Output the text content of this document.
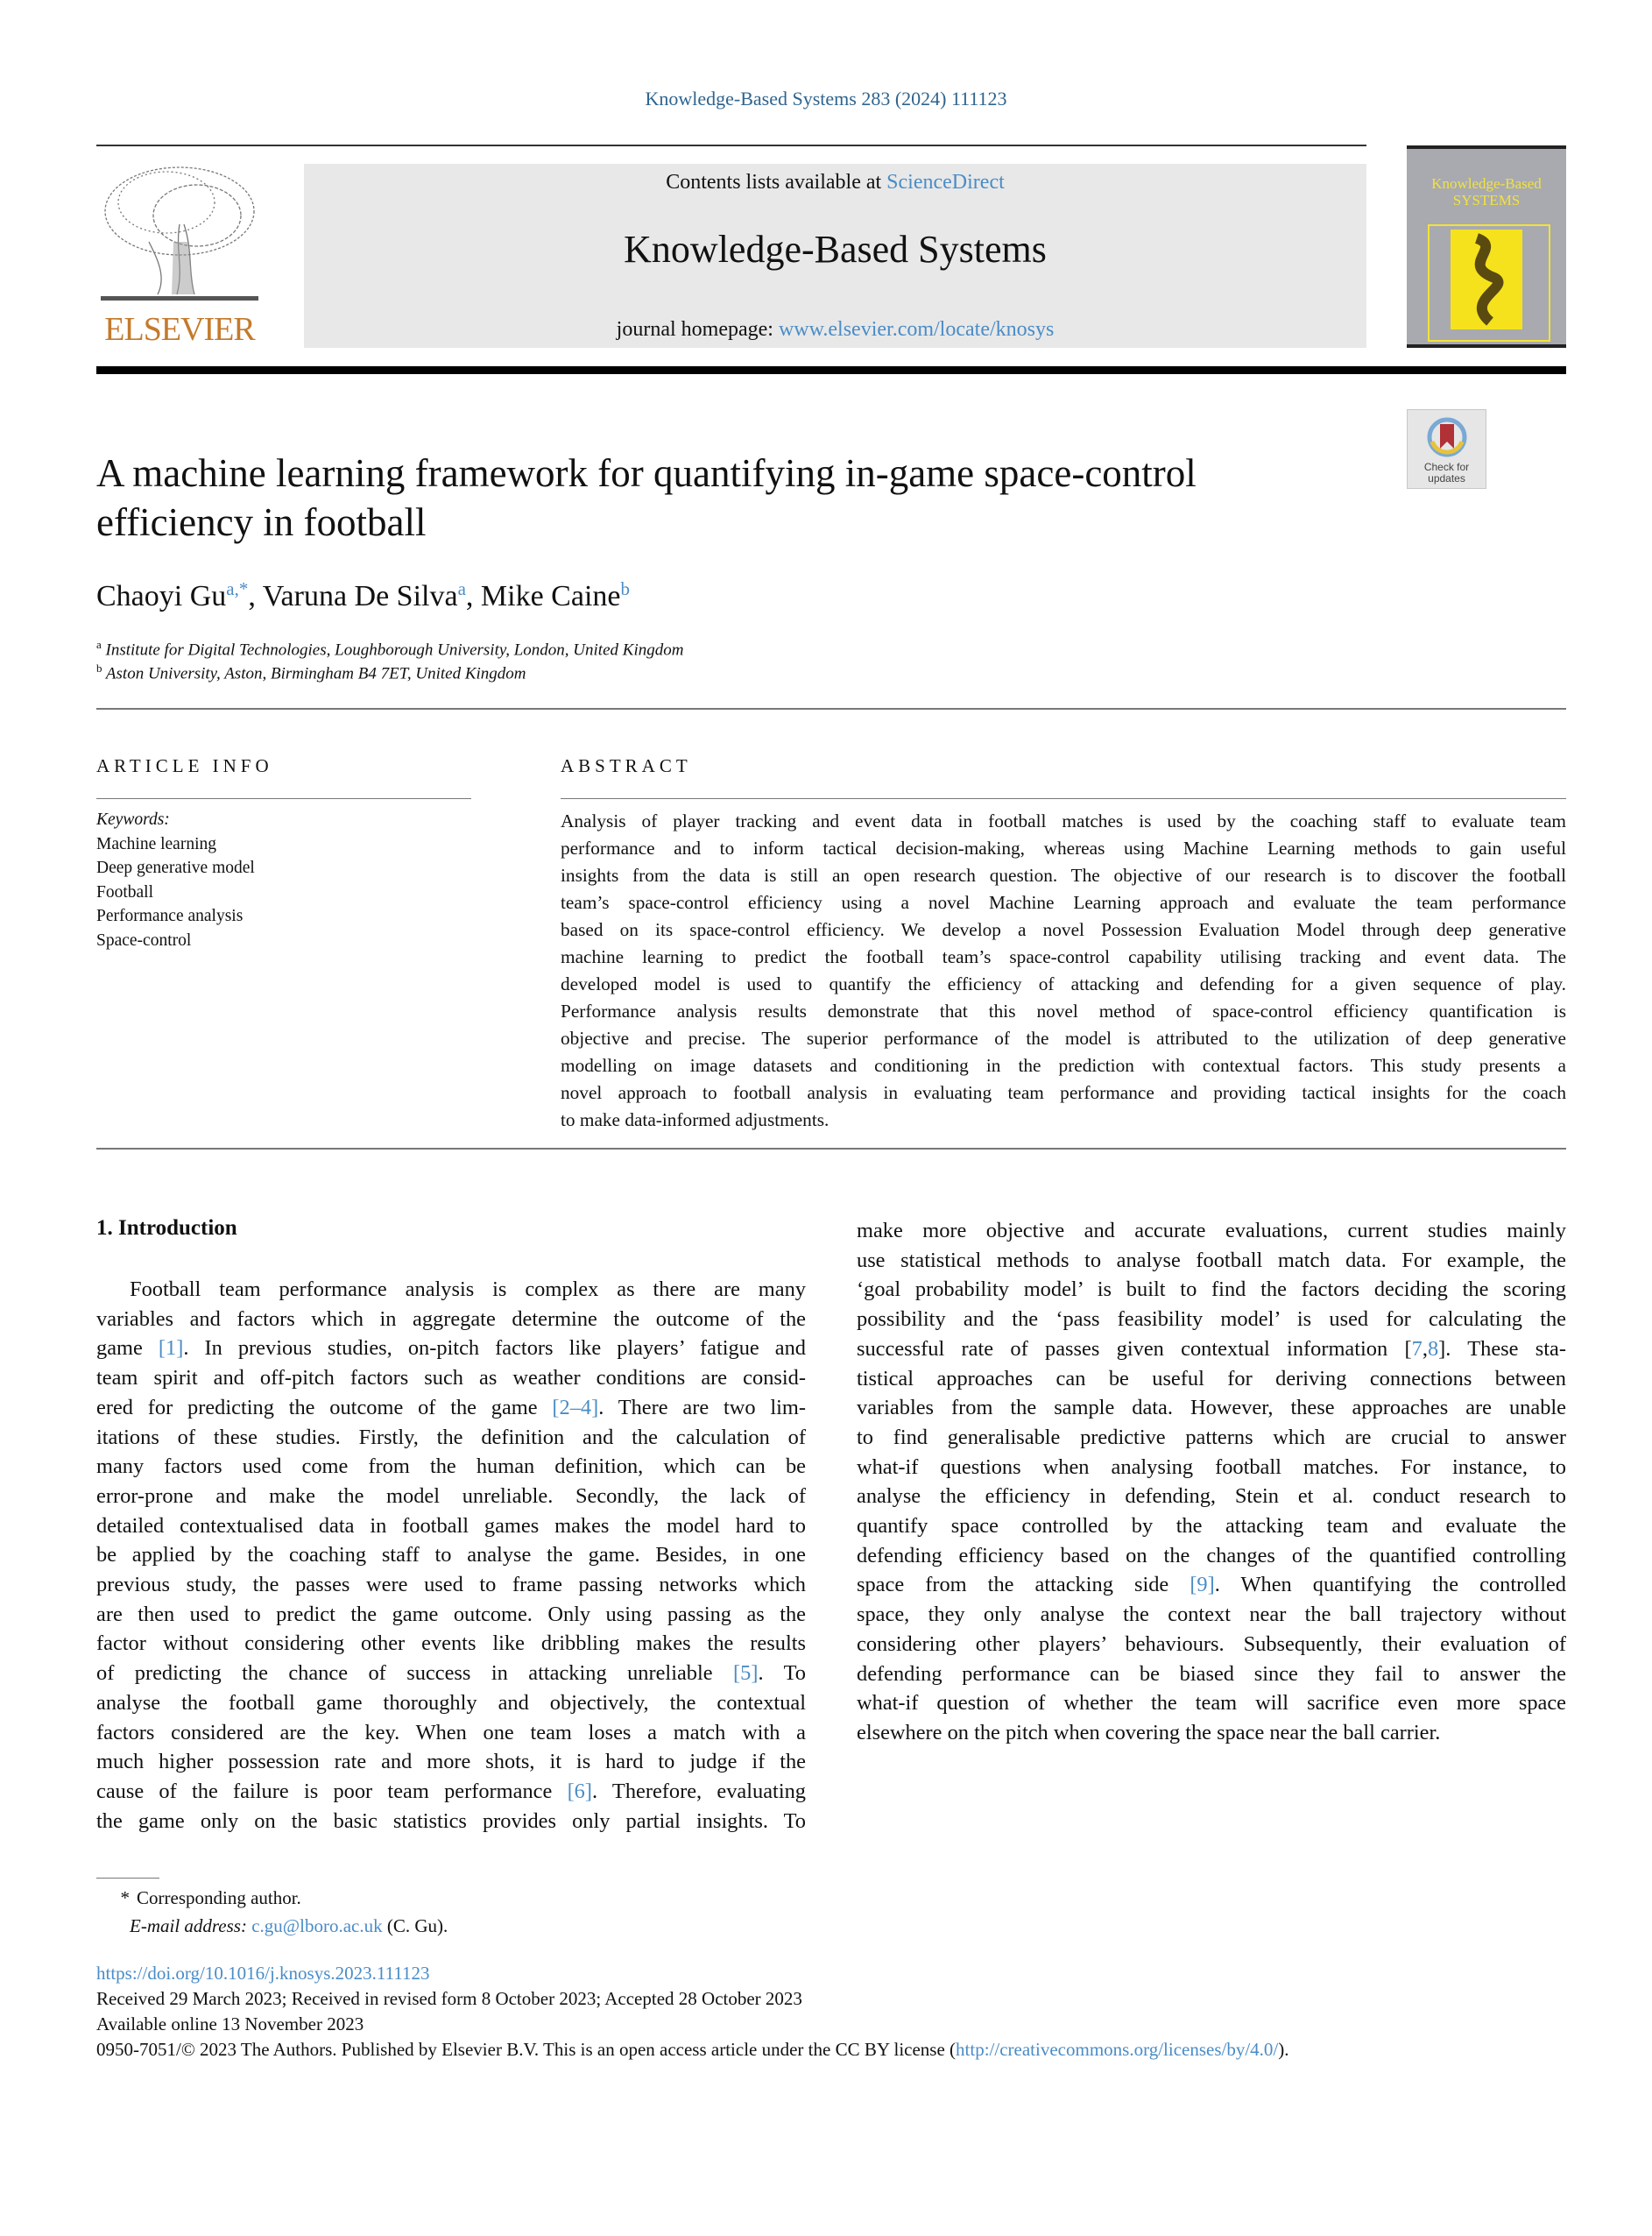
Knowledge-Based Systems 283 (2024) 111123
ELSEVIER
Contents lists available at ScienceDirect
Knowledge-Based Systems
journal homepage: www.elsevier.com/locate/knosys
Knowledge-Based
SYSTEMS
Check for
updates
A machine learning framework for quantifying in-game space-control efficiency in football
Chaoyi $Gu^{a,*}$, Varuna De Silva$^a$, Mike Caine$^b$
$^a$ Institute for Digital Technologies, Loughborough University, London, United Kingdom
$^b$ Aston University, Aston, Birmingham B4 7ET, United Kingdom
ARTICLE INFO	ABSTRACT
Keywords:
Machine learning
Deep generative model
Football
Performance analysis
Space-control
Analysis of player tracking and event data in football matches is used by the coaching staff to evaluate team
performance and to inform tactical decision-making, whereas using Machine Learning methods to gain useful
insights from the data is still an open research question. The objective of our research is to discover the football
team’s space-control efficiency using a novel Machine Learning approach and evaluate the team performance
based on its space-control efficiency. We develop a novel Possession Evaluation Model through deep generative
machine learning to predict the football team’s space-control capability utilising tracking and event data. The
developed model is used to quantify the efficiency of attacking and defending for a given sequence of play.
Performance analysis results demonstrate that this novel method of space-control efficiency quantification is
objective and precise. The superior performance of the model is attributed to the utilization of deep generative
modelling on image datasets and conditioning in the prediction with contextual factors. This study presents a
novel approach to football analysis in evaluating team performance and providing tactical insights for the coach
to make data-informed adjustments.
1. Introduction
Football team performance analysis is complex as there are many
variables and factors which in aggregate determine the outcome of the
game [1]. In previous studies, on-pitch factors like players’ fatigue and
team spirit and off-pitch factors such as weather conditions are consid-
ered for predicting the outcome of the game [2–4]. There are two lim-
itations of these studies. Firstly, the definition and the calculation of
many factors used come from the human definition, which can be
error-prone and make the model unreliable. Secondly, the lack of
detailed contextualised data in football games makes the model hard to
be applied by the coaching staff to analyse the game. Besides, in one
previous study, the passes were used to frame passing networks which
are then used to predict the game outcome. Only using passing as the
factor without considering other events like dribbling makes the results
of predicting the chance of success in attacking unreliable [5]. To
analyse the football game thoroughly and objectively, the contextual
factors considered are the key. When one team loses a match with a
much higher possession rate and more shots, it is hard to judge if the
cause of the failure is poor team performance [6]. Therefore, evaluating
the game only on the basic statistics provides only partial insights. To
make more objective and accurate evaluations, current studies mainly
use statistical methods to analyse football match data. For example, the
‘goal probability model’ is built to find the factors deciding the scoring
possibility and the ‘pass feasibility model’ is used for calculating the
successful rate of passes given contextual information [7,8]. These sta-
tistical approaches can be useful for deriving connections between
variables from the sample data. However, these approaches are unable
to find generalisable predictive patterns which are crucial to answer
what-if questions when analysing football matches. For instance, to
analyse the efficiency in defending, Stein et al. conduct research to
quantify space controlled by the attacking team and evaluate the
defending efficiency based on the changes of the quantified controlling
space from the attacking side [9]. When quantifying the controlled
space, they only analyse the context near the ball trajectory without
considering other players’ behaviours. Subsequently, their evaluation of
defending performance can be biased since they fail to answer the
what-if question of whether the team will sacrifice even more space
elsewhere on the pitch when covering the space near the ball carrier.
* Corresponding author.
E-mail address: c.gu@lboro.ac.uk (C. Gu).
https://doi.org/10.1016/j.knosys.2023.111123
Received 29 March 2023; Received in revised form 8 October 2023; Accepted 28 October 2023
Available online 13 November 2023
0950-7051/© 2023 The Authors. Published by Elsevier B.V. This is an open access article under the CC BY license (http://creativecommons.org/licenses/by/4.0/).
